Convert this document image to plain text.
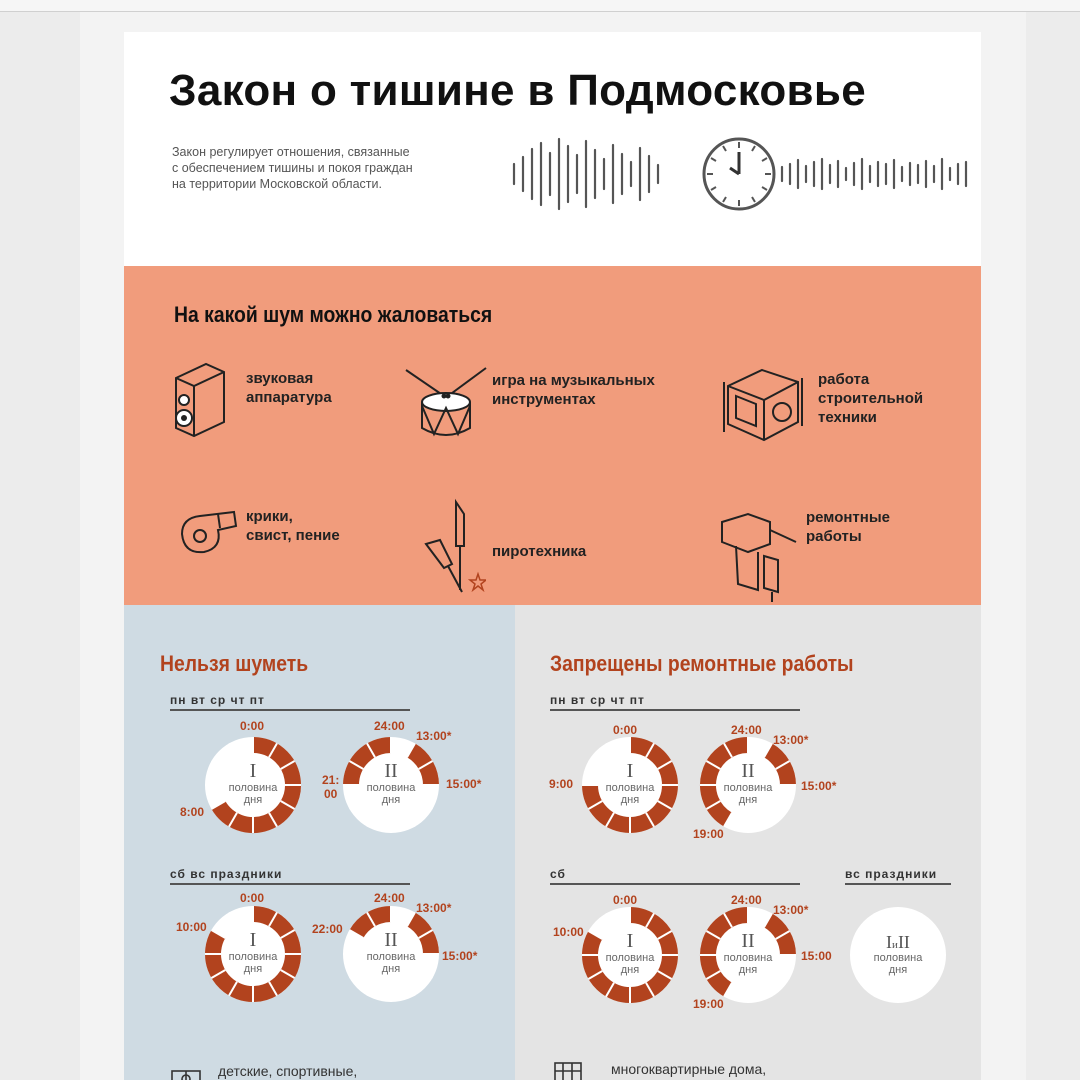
Закон о тишине в Подмосковье
Закон регулирует отношения, связанные
с обеспечением тишины и покоя граждан
на территории Московской области.
На какой шум можно жаловаться
звуковая
аппаратура
игра на музыкальных
инструментах
работа
строительной
техники
крики,
свист, пение
пиротехника
ремонтные
работы
Нельзя шуметь
пн вт ср чт пт
0:00
8:00
24:00
13:00*
21:
00
15:00*
I
половина
дня
II
половина
дня
сб вс праздники
0:00
10:00
24:00
13:00*
22:00
15:00*
I
половина
дня
II
половина
дня
детские, спортивные,
Запрещены ремонтные работы
пн вт ср чт пт
0:00
9:00
24:00
13:00*
15:00*
19:00
I
половина
дня
II
половина
дня
сб	вс праздники
0:00
10:00
24:00
13:00*
15:00
19:00
I
половина
дня
II
половина
дня
IиII
половина
дня
многоквартирные дома,
